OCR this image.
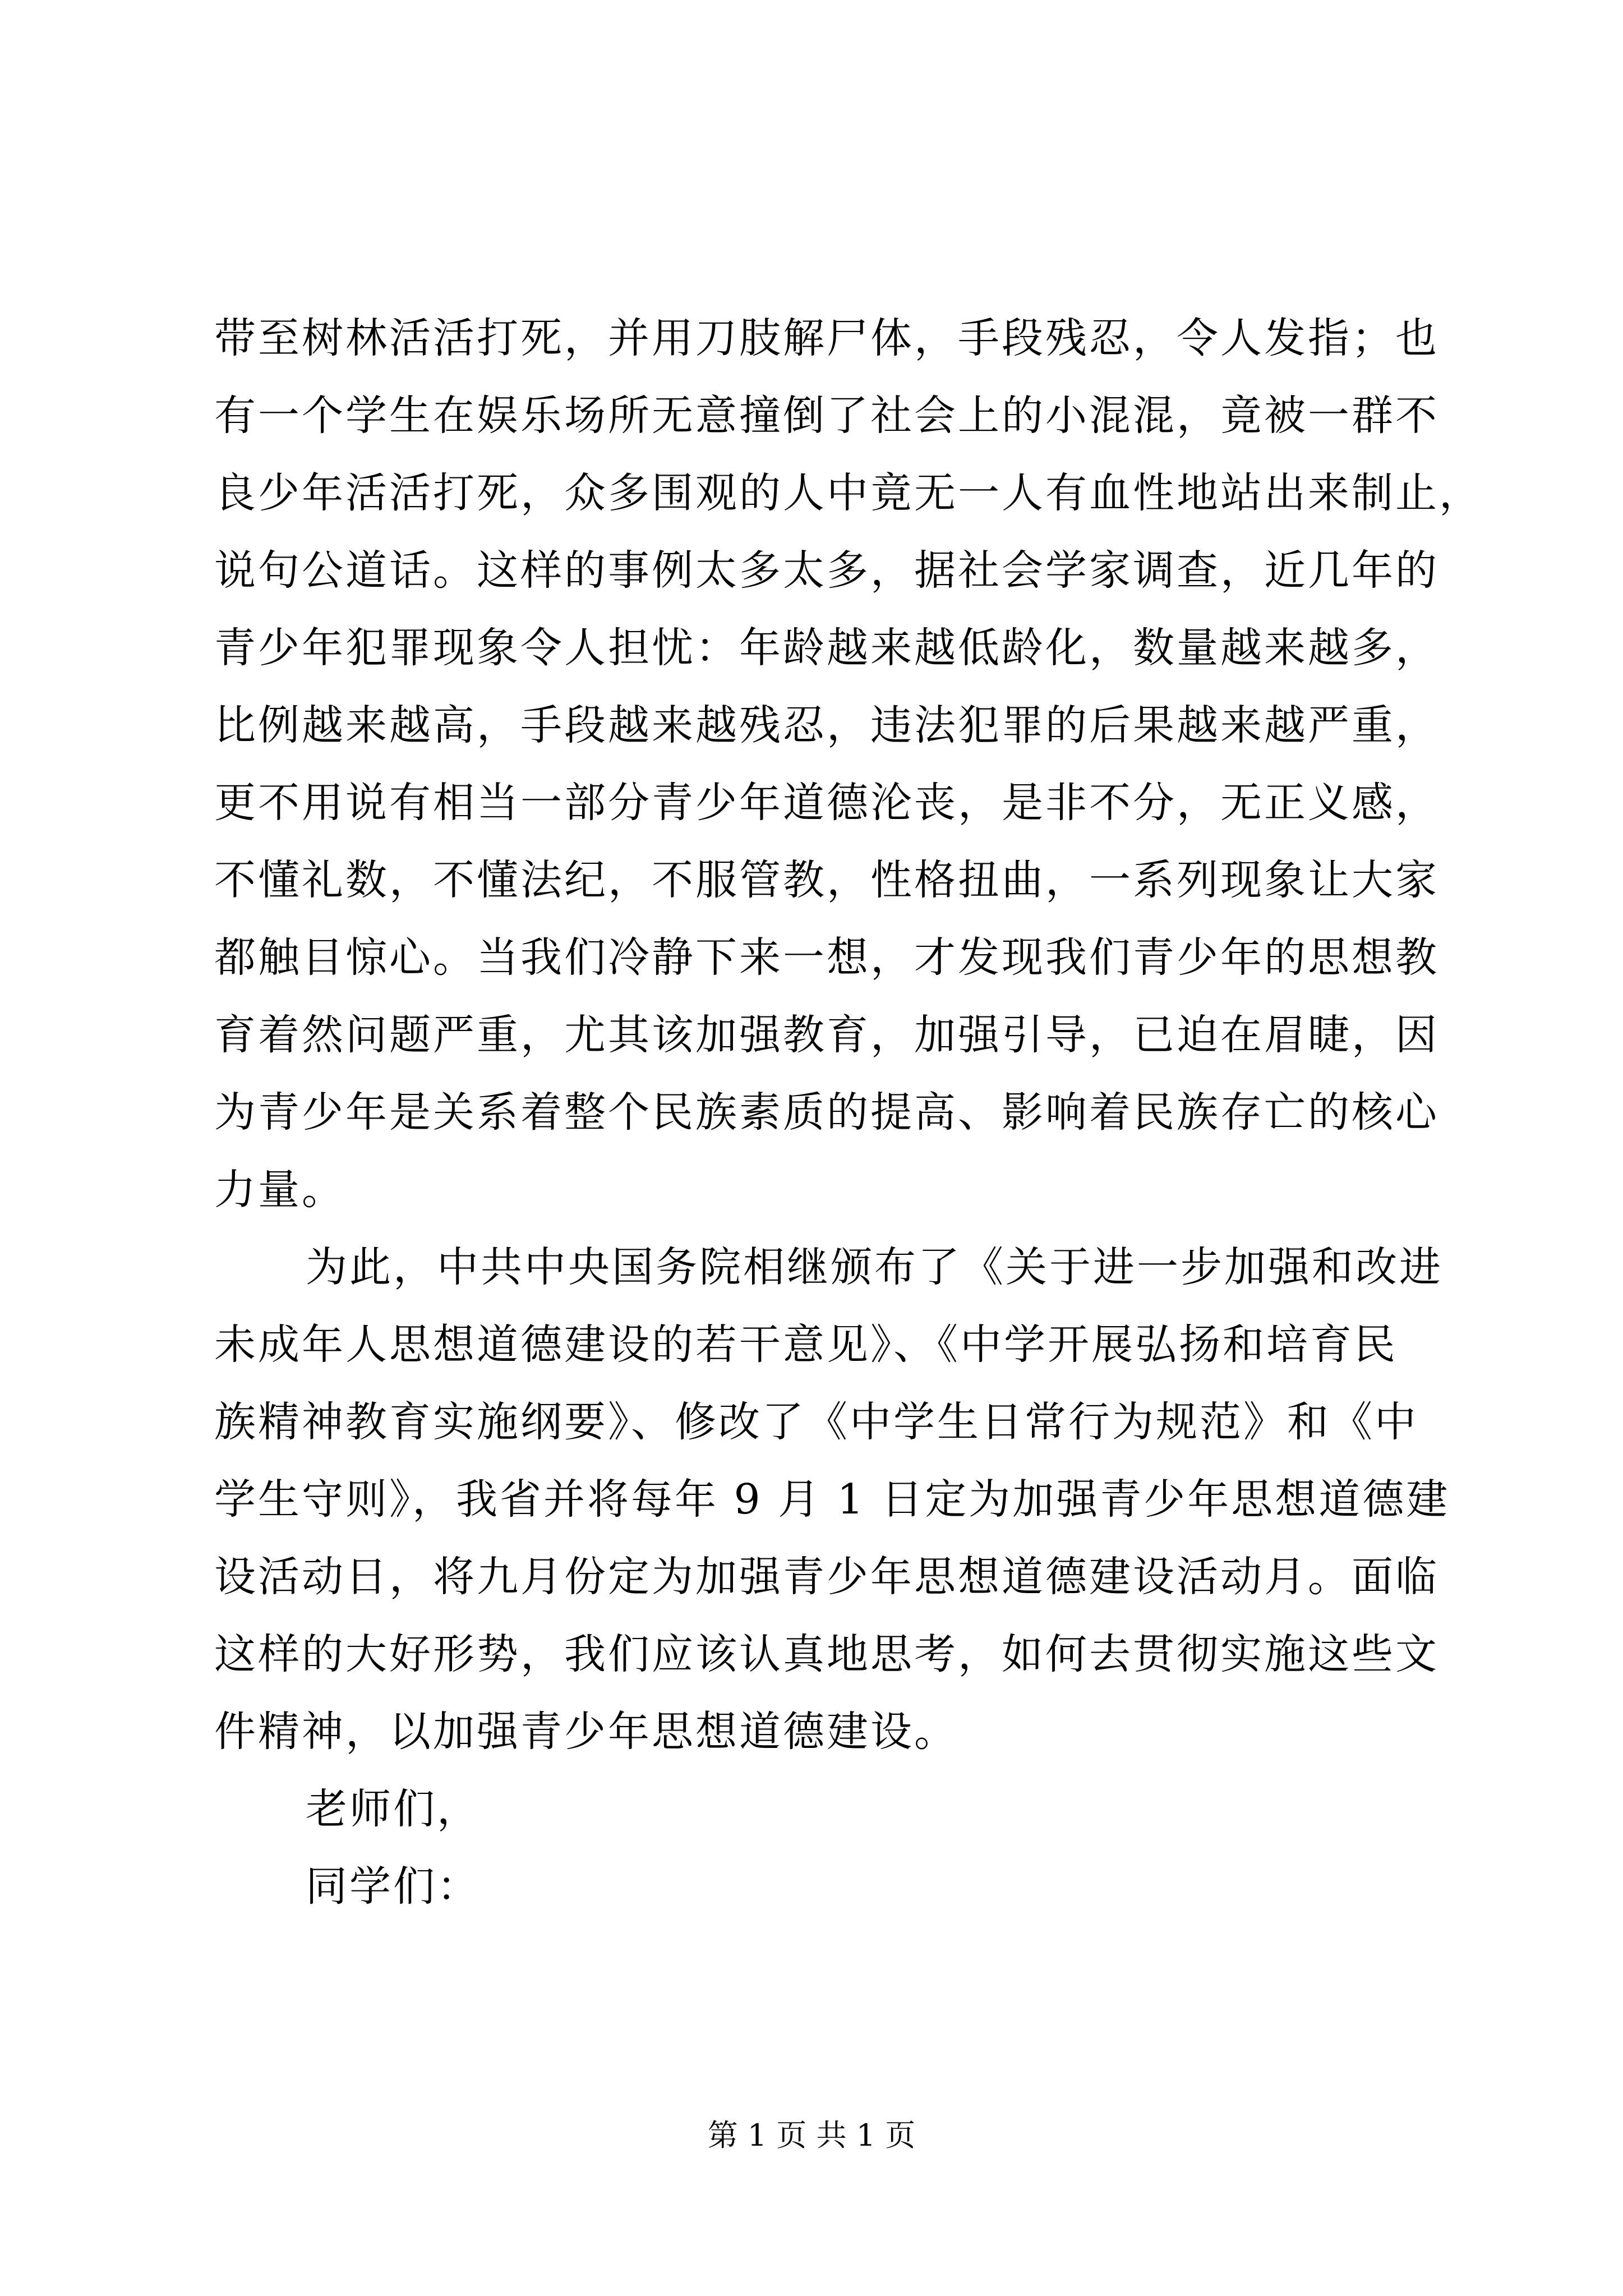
带至树林活活打死，并用刀肢解尸体，手段残忍，令人发指；也
有一个学生在娱乐场所无意撞倒了社会上的小混混，竟被一群不
良少年活活打死，众多围观的人中竟无一人有血性地站出来制止，
说句公道话。这样的事例太多太多，据社会学家调查，近几年的
青少年犯罪现象令人担忧：年龄越来越低龄化，数量越来越多，
比例越来越高，手段越来越残忍，违法犯罪的后果越来越严重，
更不用说有相当一部分青少年道德沦丧，是非不分，无正义感，
不懂礼数，不懂法纪，不服管教，性格扭曲，一系列现象让大家
都触目惊心。当我们冷静下来一想，才发现我们青少年的思想教
育着然问题严重，尤其该加强教育，加强引导，已迫在眉睫，因
为青少年是关系着整个民族素质的提高、影响着民族存亡的核心
力量。
为此，中共中央国务院相继颁布了《关于进一步加强和改进
未成年人思想道德建设的若干意见》、《中学开展弘扬和培育民
族精神教育实施纲要》、修改了《中学生日常行为规范》和《中
学生守则》，我省并将每年 9 月 1 日定为加强青少年思想道德建
设活动日，将九月份定为加强青少年思想道德建设活动月。面临
这样的大好形势，我们应该认真地思考，如何去贯彻实施这些文
件精神，以加强青少年思想道德建设。
老师们，
同学们：
第 1 页 共 1 页
